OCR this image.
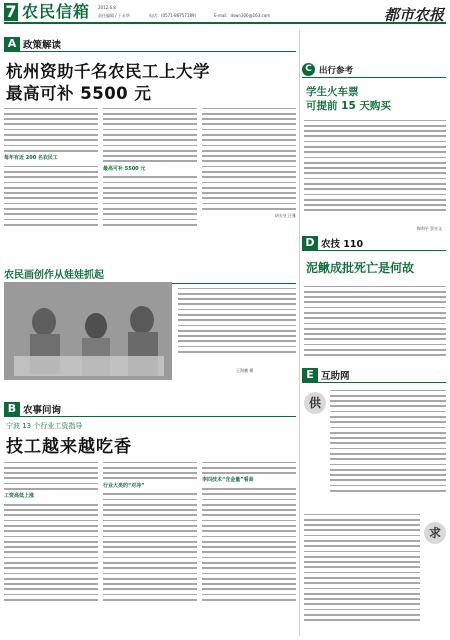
7 农民信箱 2012.6.8
责任编辑 / 于永华	电话：(0571-86757189)	E-mail：dswn306@163.com	都市农报
A 政策解读
杭州资助千名农民工上大学
最高可补 5500 元
每年有近 200 名农民工
最高可补 5500 元
胡夫皇 汪雅
C 出行参考
学生火车票
可提前 15 天购买
陶利平 蔡亦文
D 农技 110
泥鳅成批死亡是何故
E 互助网
供
求
农民画创作从娃娃抓起
王海鹏 摄
B 农事问询
宁波 13 个行业工资指导
技工越来越吃香
工资高低上涨
行业大类的“对冲”
李四技术“含金量”看高
